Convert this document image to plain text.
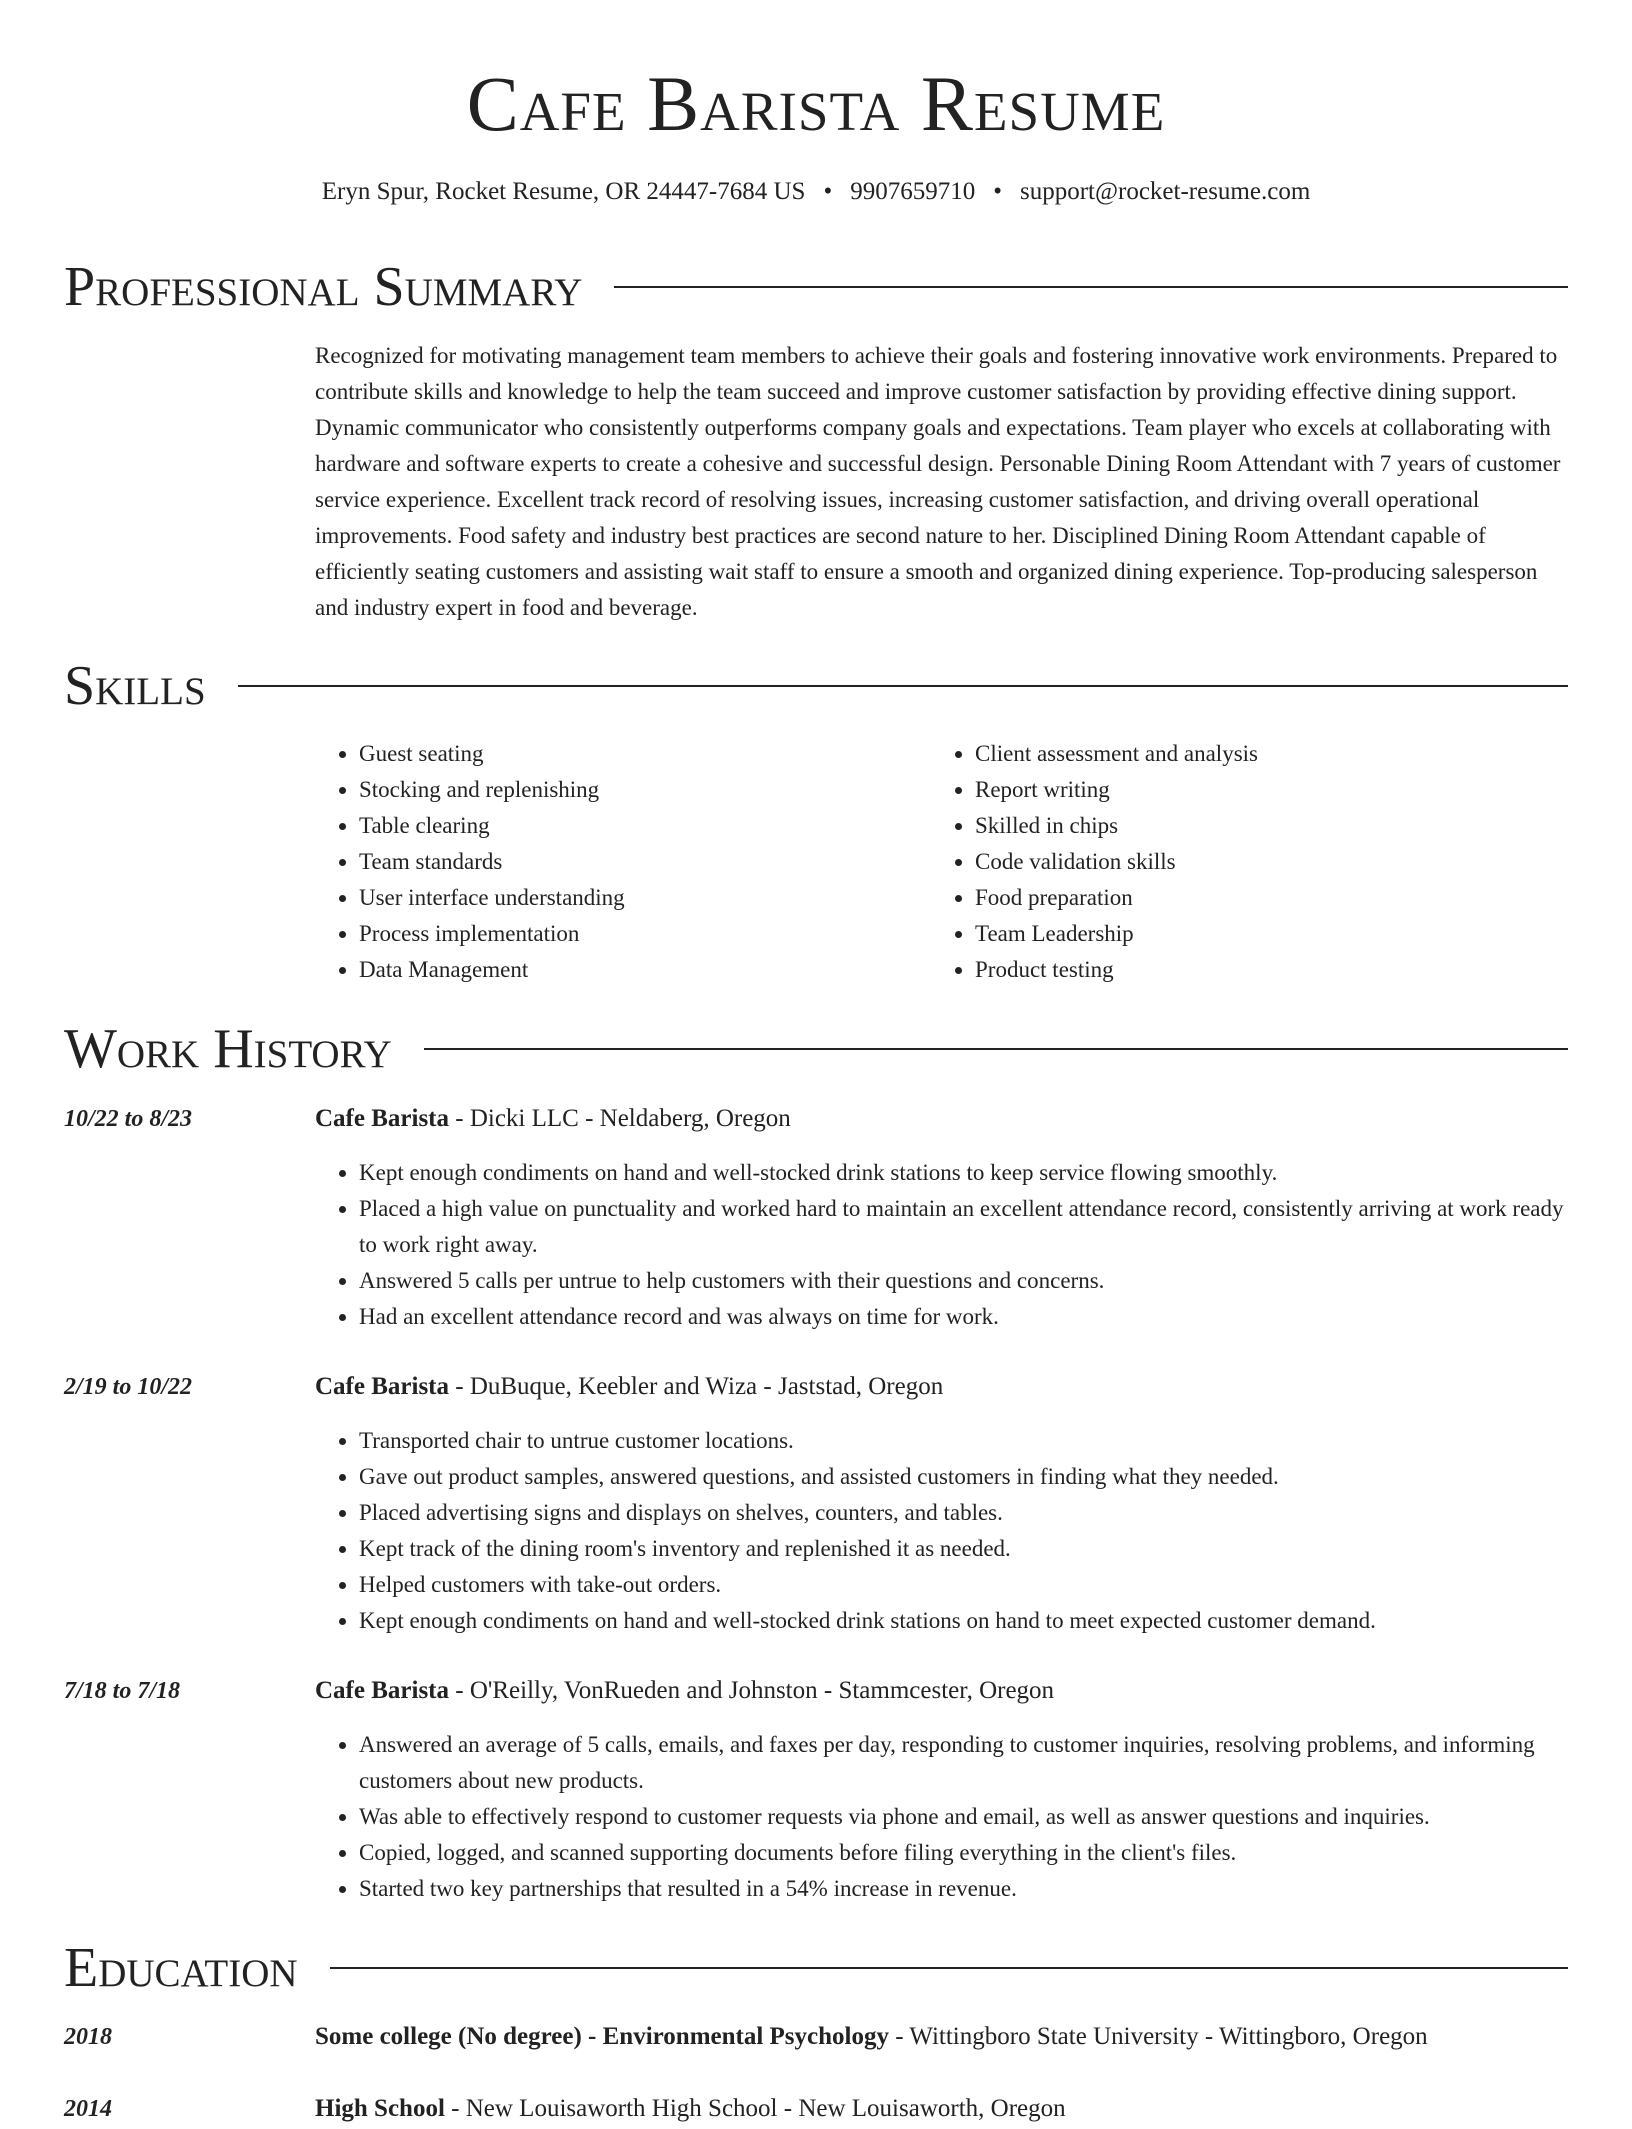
Cafe Barista Resume
Eryn Spur, Rocket Resume, OR 24447-7684 US • 9907659710 • support@rocket-resume.com
Professional Summary

Recognized for motivating management team members to achieve their goals and fostering innovative work environments. Prepared to contribute skills and knowledge to help the team succeed and improve customer satisfaction by providing effective dining support. Dynamic communicator who consistently outperforms company goals and expectations. Team player who excels at collaborating with hardware and software experts to create a cohesive and successful design. Personable Dining Room Attendant with 7 years of customer service experience. Excellent track record of resolving issues, increasing customer satisfaction, and driving overall operational improvements. Food safety and industry best practices are second nature to her. Disciplined Dining Room Attendant capable of efficiently seating customers and assisting wait staff to ensure a smooth and organized dining experience. Top-producing salesperson and industry expert in food and beverage.

Skills
• Guest seating
• Stocking and replenishing
• Table clearing
• Team standards
• User interface understanding
• Process implementation
• Data Management
• Client assessment and analysis
• Report writing
• Skilled in chips
• Code validation skills
• Food preparation
• Team Leadership
• Product testing
Work History
10/22 to 8/23	Cafe Barista - Dicki LLC - Neldaberg, Oregon
• Kept enough condiments on hand and well-stocked drink stations to keep service flowing smoothly.
• Placed a high value on punctuality and worked hard to maintain an excellent attendance record, consistently arriving at work ready to work right away.
• Answered 5 calls per untrue to help customers with their questions and concerns.
• Had an excellent attendance record and was always on time for work.
2/19 to 10/22	Cafe Barista - DuBuque, Keebler and Wiza - Jaststad, Oregon
• Transported chair to untrue customer locations.
• Gave out product samples, answered questions, and assisted customers in finding what they needed.
• Placed advertising signs and displays on shelves, counters, and tables.
• Kept track of the dining room's inventory and replenished it as needed.
• Helped customers with take-out orders.
• Kept enough condiments on hand and well-stocked drink stations on hand to meet expected customer demand.
7/18 to 7/18	Cafe Barista - O'Reilly, VonRueden and Johnston - Stammcester, Oregon
• Answered an average of 5 calls, emails, and faxes per day, responding to customer inquiries, resolving problems, and informing customers about new products.
• Was able to effectively respond to customer requests via phone and email, as well as answer questions and inquiries.
• Copied, logged, and scanned supporting documents before filing everything in the client's files.
• Started two key partnerships that resulted in a 54% increase in revenue.
Education
2018	Some college (No degree) - Environmental Psychology - Wittingboro State University - Wittingboro, Oregon
2014	High School - New Louisaworth High School - New Louisaworth, Oregon
